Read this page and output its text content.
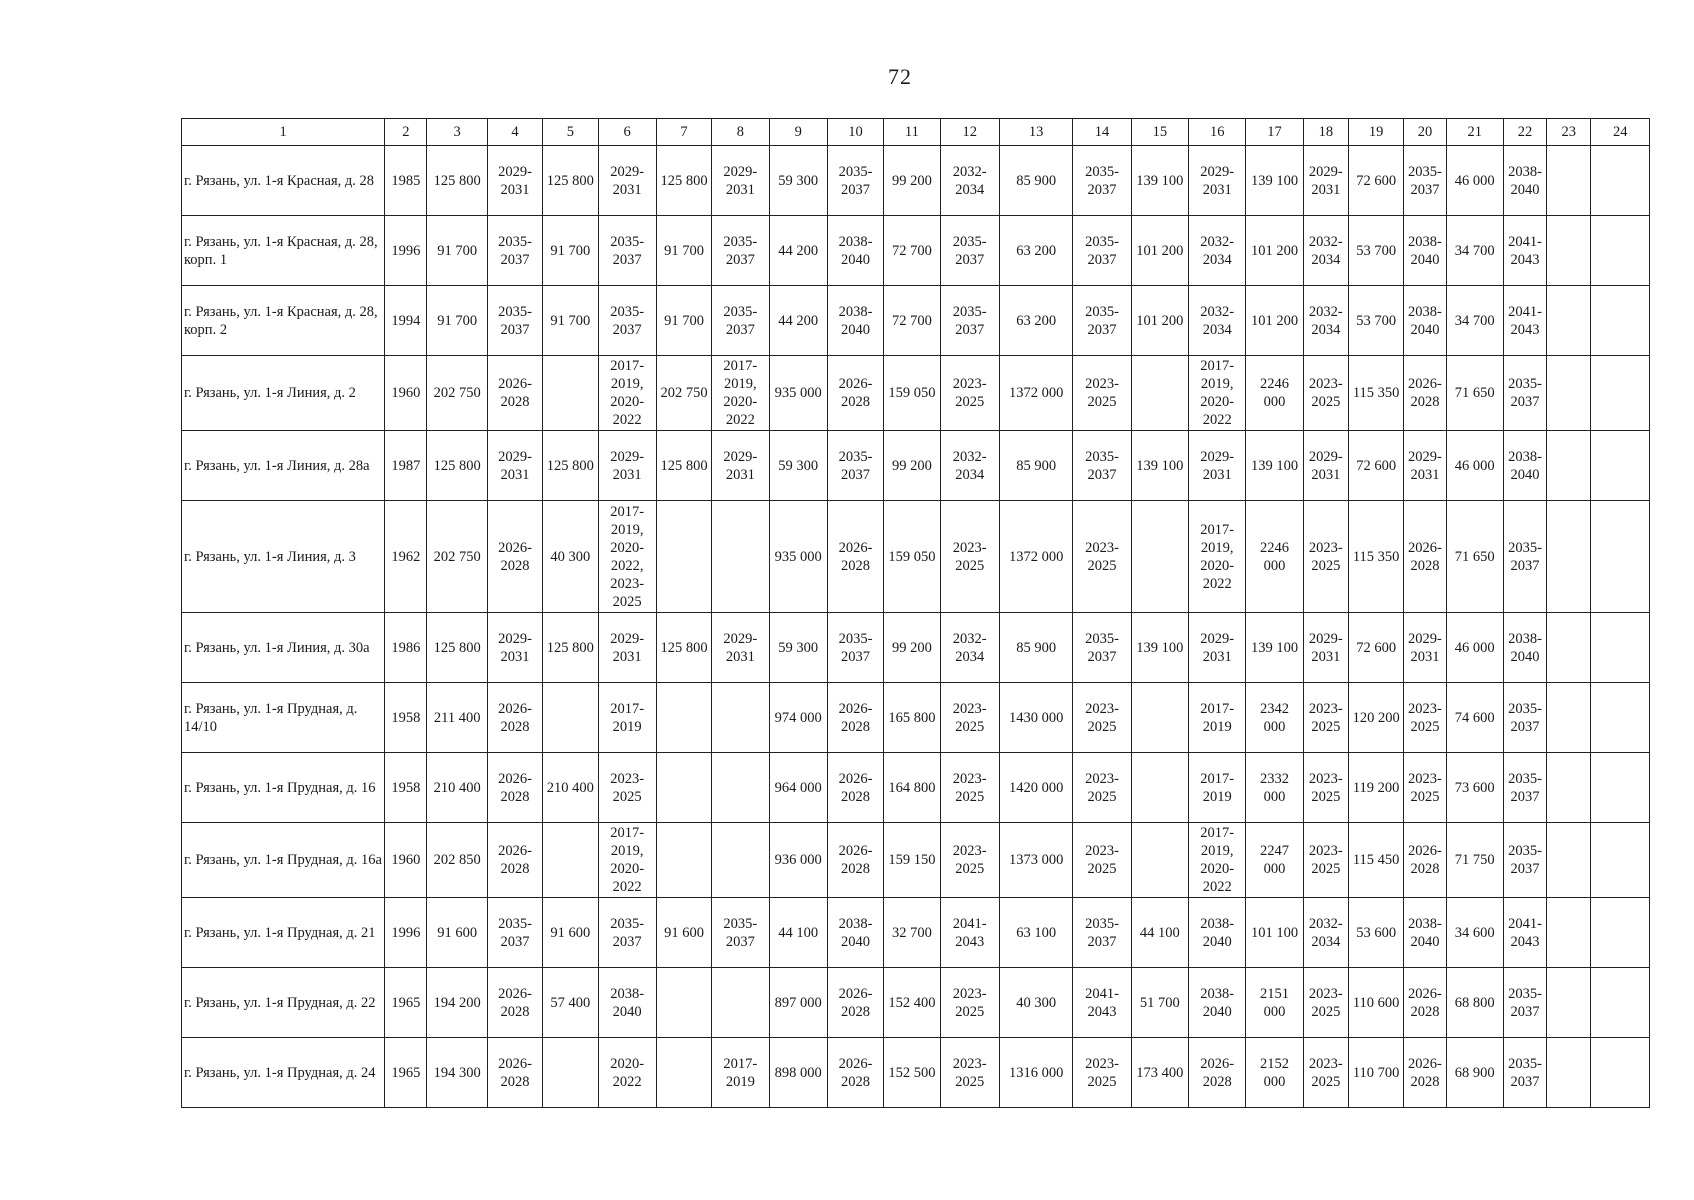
72
1	2	3	4	5	6	7	8	9	10	11	12	13	14	15	16	17	18	19	20	21	22	23	24
г. Рязань, ул. 1-я Красная, д. 28	1985	125 800	2029-2031	125 800	2029-2031	125 800	2029-2031	59 300	2035-2037	99 200	2032-2034	85 900	2035-2037	139 100	2029-2031	139 100	2029-2031	72 600	2035-2037	46 000	2038-2040		
г. Рязань, ул. 1-я Красная, д. 28, корп. 1	1996	91 700	2035-2037	91 700	2035-2037	91 700	2035-2037	44 200	2038-2040	72 700	2035-2037	63 200	2035-2037	101 200	2032-2034	101 200	2032-2034	53 700	2038-2040	34 700	2041-2043		
г. Рязань, ул. 1-я Красная, д. 28, корп. 2	1994	91 700	2035-2037	91 700	2035-2037	91 700	2035-2037	44 200	2038-2040	72 700	2035-2037	63 200	2035-2037	101 200	2032-2034	101 200	2032-2034	53 700	2038-2040	34 700	2041-2043		
г. Рязань, ул. 1-я Линия, д. 2	1960	202 750	2026-2028		2017-2019, 2020-2022	202 750	2017-2019, 2020-2022	935 000	2026-2028	159 050	2023-2025	1372 000	2023-2025		2017-2019, 2020-2022	2246 000	2023-2025	115 350	2026-2028	71 650	2035-2037		
г. Рязань, ул. 1-я Линия, д. 28а	1987	125 800	2029-2031	125 800	2029-2031	125 800	2029-2031	59 300	2035-2037	99 200	2032-2034	85 900	2035-2037	139 100	2029-2031	139 100	2029-2031	72 600	2029-2031	46 000	2038-2040		
г. Рязань, ул. 1-я Линия, д. 3	1962	202 750	2026-2028	40 300	2017-2019, 2020-2022, 2023-2025			935 000	2026-2028	159 050	2023-2025	1372 000	2023-2025		2017-2019, 2020-2022	2246 000	2023-2025	115 350	2026-2028	71 650	2035-2037		
г. Рязань, ул. 1-я Линия, д. 30а	1986	125 800	2029-2031	125 800	2029-2031	125 800	2029-2031	59 300	2035-2037	99 200	2032-2034	85 900	2035-2037	139 100	2029-2031	139 100	2029-2031	72 600	2029-2031	46 000	2038-2040		
г. Рязань, ул. 1-я Прудная, д. 14/10	1958	211 400	2026-2028		2017-2019			974 000	2026-2028	165 800	2023-2025	1430 000	2023-2025		2017-2019	2342 000	2023-2025	120 200	2023-2025	74 600	2035-2037		
г. Рязань, ул. 1-я Прудная, д. 16	1958	210 400	2026-2028	210 400	2023-2025			964 000	2026-2028	164 800	2023-2025	1420 000	2023-2025		2017-2019	2332 000	2023-2025	119 200	2023-2025	73 600	2035-2037		
г. Рязань, ул. 1-я Прудная, д. 16а	1960	202 850	2026-2028		2017-2019, 2020-2022			936 000	2026-2028	159 150	2023-2025	1373 000	2023-2025		2017-2019, 2020-2022	2247 000	2023-2025	115 450	2026-2028	71 750	2035-2037		
г. Рязань, ул. 1-я Прудная, д. 21	1996	91 600	2035-2037	91 600	2035-2037	91 600	2035-2037	44 100	2038-2040	32 700	2041-2043	63 100	2035-2037	44 100	2038-2040	101 100	2032-2034	53 600	2038-2040	34 600	2041-2043		
г. Рязань, ул. 1-я Прудная, д. 22	1965	194 200	2026-2028	57 400	2038-2040			897 000	2026-2028	152 400	2023-2025	40 300	2041-2043	51 700	2038-2040	2151 000	2023-2025	110 600	2026-2028	68 800	2035-2037		
г. Рязань, ул. 1-я Прудная, д. 24	1965	194 300	2026-2028		2020-2022		2017-2019	898 000	2026-2028	152 500	2023-2025	1316 000	2023-2025	173 400	2026-2028	2152 000	2023-2025	110 700	2026-2028	68 900	2035-2037		
